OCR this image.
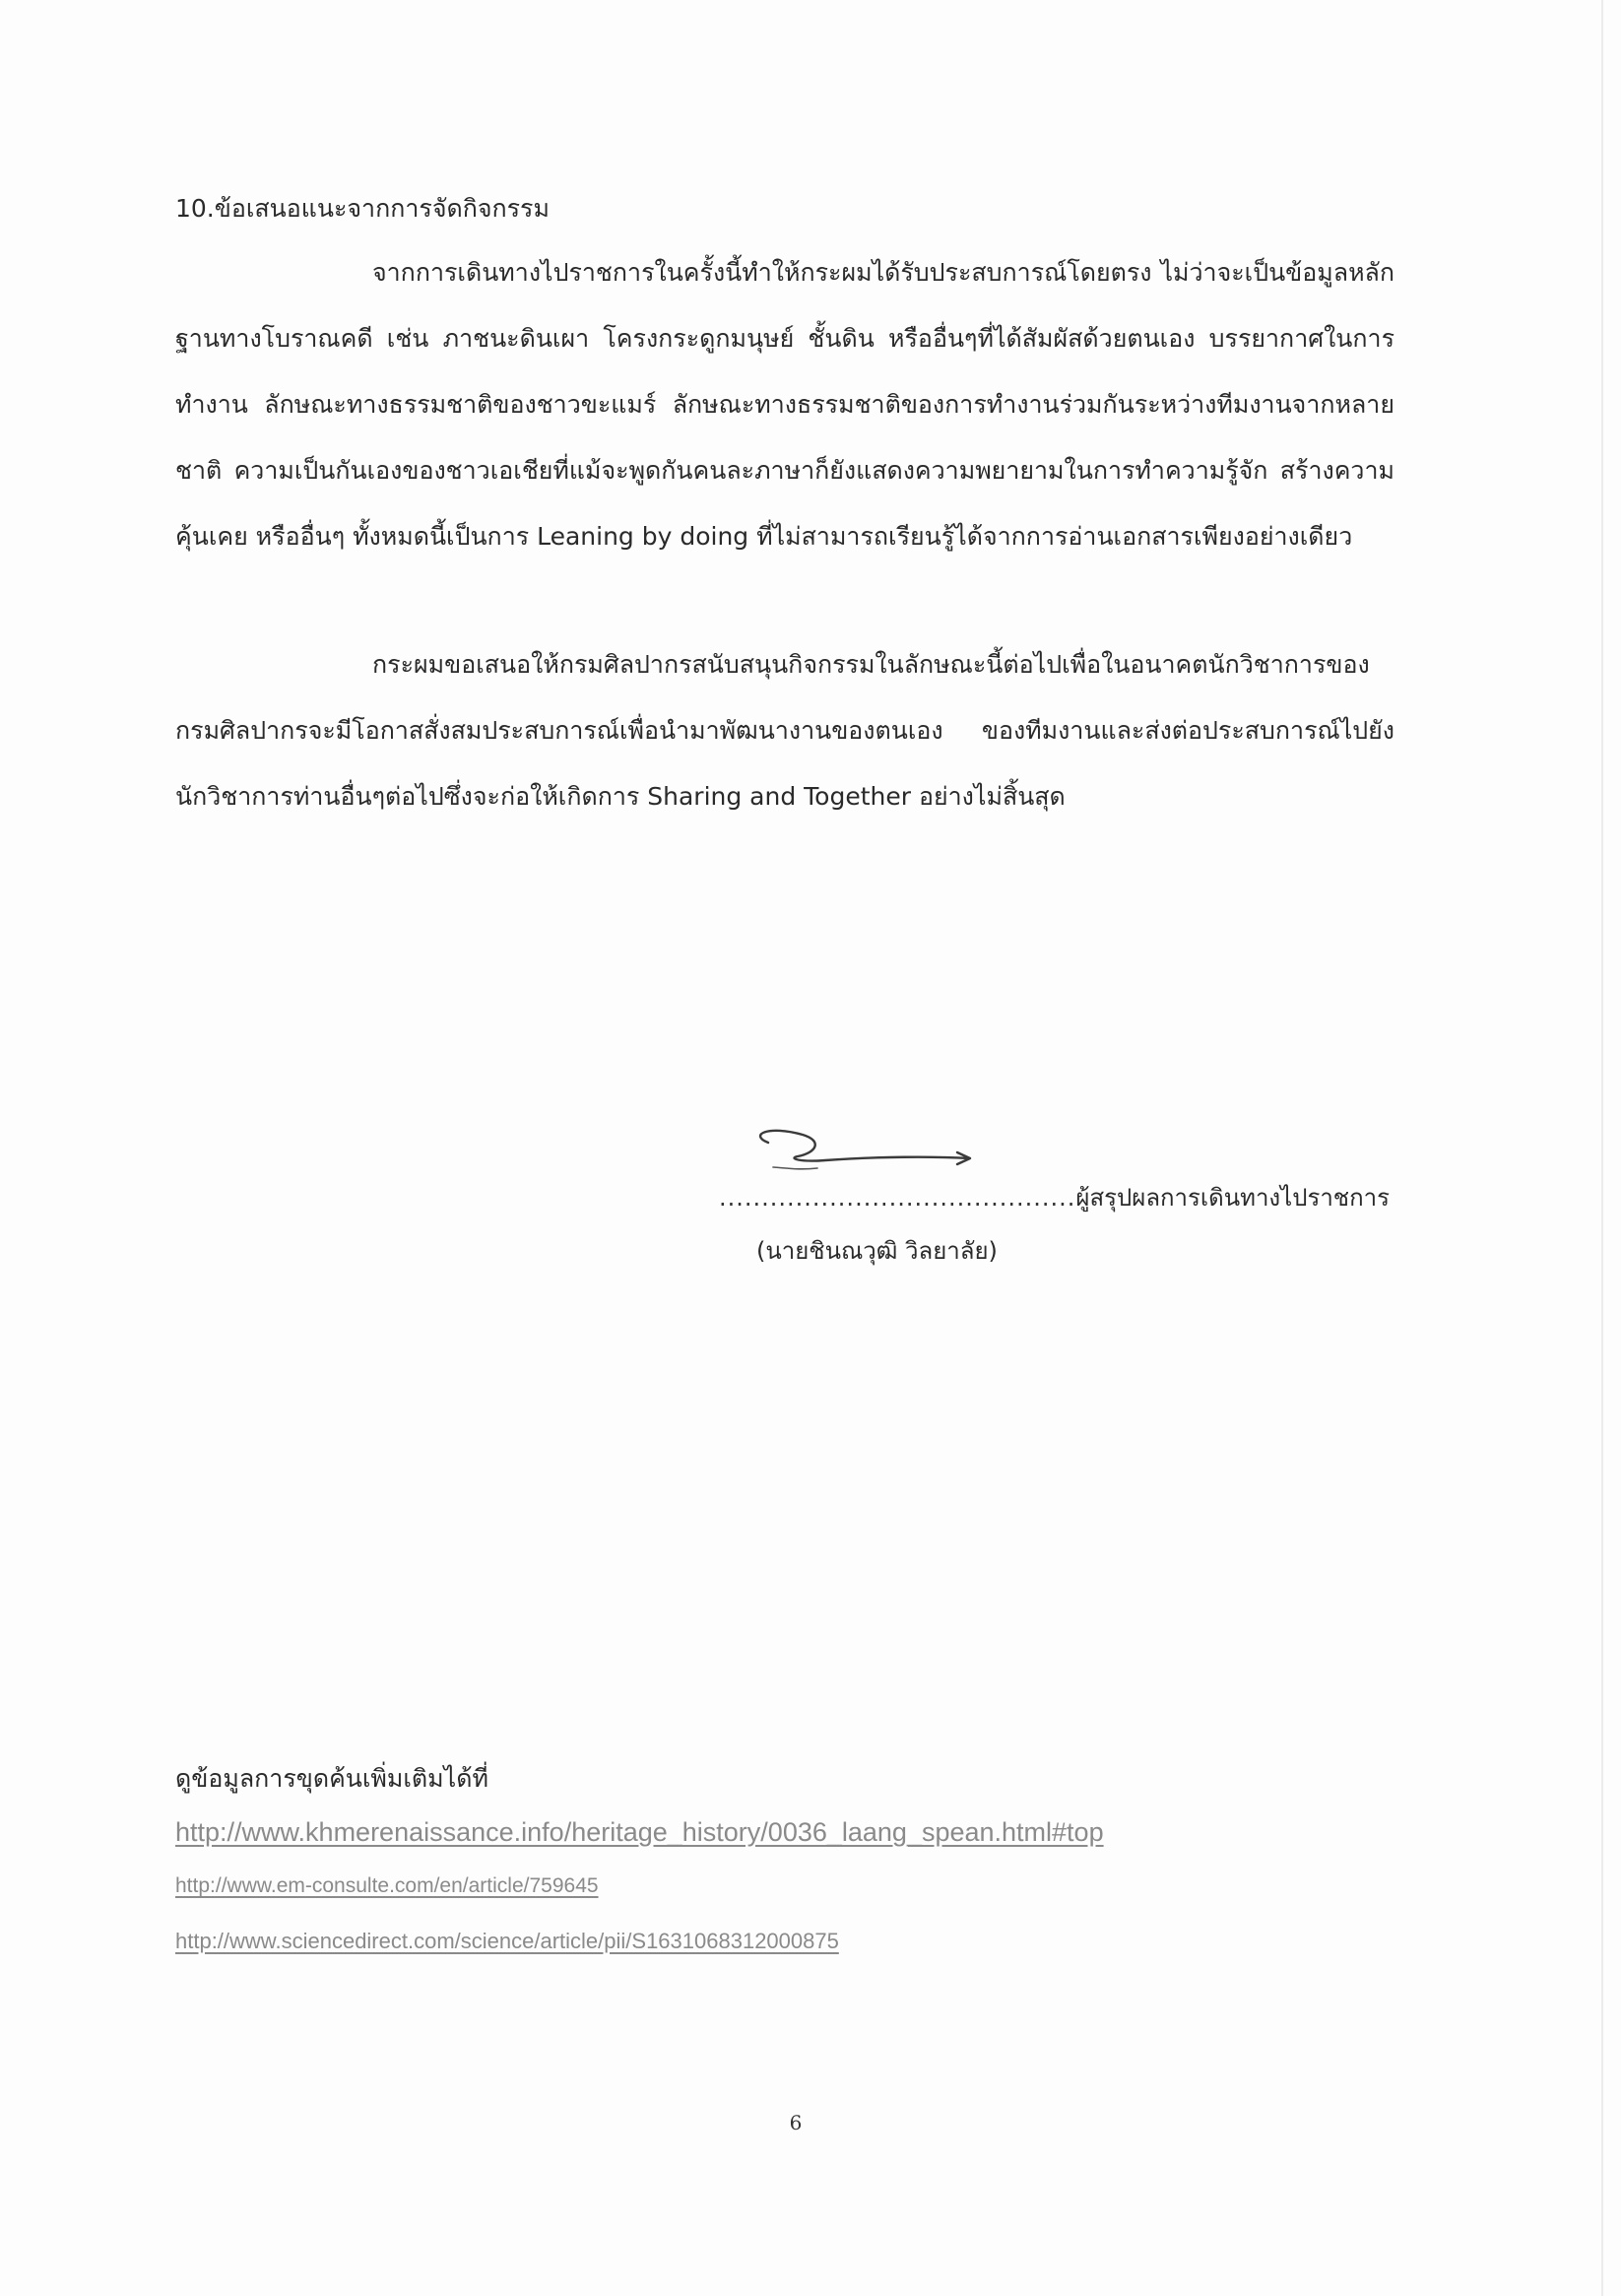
10.ข้อเสนอแนะจากการจัดกิจกรรม

จากการเดินทางไปราชการในครั้งนี้ทำให้กระผมได้รับประสบการณ์โดยตรง ไม่ว่าจะเป็นข้อมูลหลักฐานทางโบราณคดี เช่น ภาชนะดินเผา โครงกระดูกมนุษย์ ชั้นดิน หรืออื่นๆที่ได้สัมผัสด้วยตนเอง บรรยากาศในการทำงาน ลักษณะทางธรรมชาติของชาวขะแมร์ ลักษณะทางธรรมชาติของการทำงานร่วมกันระหว่างทีมงานจากหลายชาติ ความเป็นกันเองของชาวเอเชียที่แม้จะพูดกันคนละภาษาก็ยังแสดงความพยายามในการทำความรู้จัก สร้างความคุ้นเคย หรืออื่นๆ ทั้งหมดนี้เป็นการ Leaning by doing ที่ไม่สามารถเรียนรู้ได้จากการอ่านเอกสารเพียงอย่างเดียว

กระผมขอเสนอให้กรมศิลปากรสนับสนุนกิจกรรมในลักษณะนี้ต่อไปเพื่อในอนาคตนักวิชาการของกรมศิลปากรจะมีโอกาสสั่งสมประสบการณ์เพื่อนำมาพัฒนางานของตนเอง ของทีมงานและส่งต่อประสบการณ์ไปยังนักวิชาการท่านอื่นๆต่อไปซึ่งจะก่อให้เกิดการ Sharing and Together อย่างไม่สิ้นสุด

..........................................ผู้สรุปผลการเดินทางไปราชการ
(นายชินณวุฒิ วิลยาลัย)
ดูข้อมูลการขุดค้นเพิ่มเติมได้ที่
http://www.khmerenaissance.info/heritage_history/0036_laang_spean.html#top
http://www.em-consulte.com/en/article/759645
http://www.sciencedirect.com/science/article/pii/S1631068312000875
6
